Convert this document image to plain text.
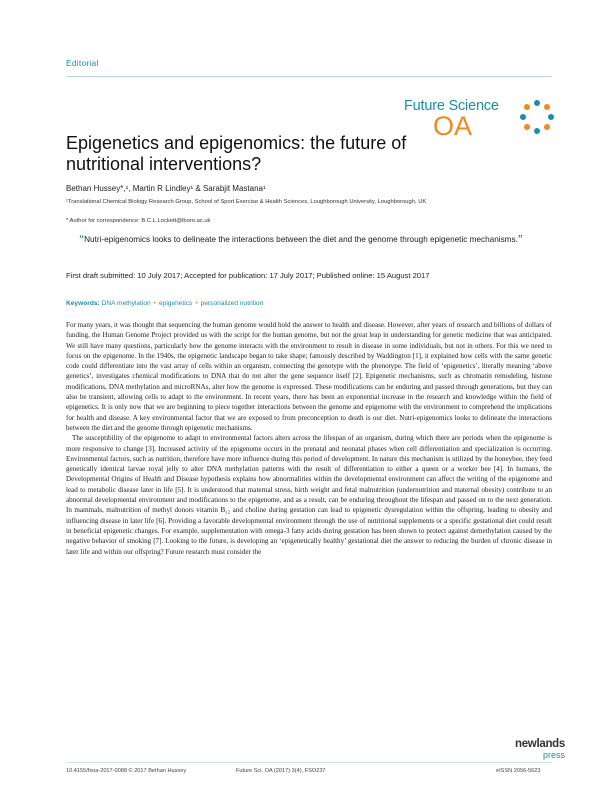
Editorial
Future Science
OA
Epigenetics and epigenomics: the future of nutritional interventions?
Bethan Hussey*,¹, Martin R Lindley¹ & Sarabjit Mastana¹
¹Translational Chemical Biology Research Group, School of Sport Exercise & Health Sciences, Loughborough University, Loughborough, UK
* Author for correspondence: B.C.L.Lockett@lboro.ac.uk
“Nutri-epigenomics looks to delineate the interactions between the diet and the genome through epigenetic mechanisms.”
First draft submitted: 10 July 2017; Accepted for publication: 17 July 2017; Published online: 15 August 2017
Keywords: DNA methylation • epigenetics • personalized nutrition

For many years, it was thought that sequencing the human genome would hold the answer to health and disease. However, after years of research and billions of dollars of funding, the Human Genome Project provided us with the script for the human genome, but not the great leap in understanding for genetic medicine that was anticipated. We still have many questions, particularly how the genome interacts with the environment to result in disease in some individuals, but not in others. For this we need to focus on the epigenome. In the 1940s, the epigenetic landscape began to take shape; famously described by Waddington [1], it explained how cells with the same genetic code could differentiate into the vast array of cells within an organism, connecting the genotype with the phenotype. The field of ‘epigenetics’, literally meaning ‘above genetics’, investigates chemical modifications to DNA that do not alter the gene sequence itself [2]. Epigenetic mechanisms, such as chromatin remodeling, histone modifications, DNA methylation and microRNAs, alter how the genome is expressed. These modifications can be enduring and passed through generations, but they can also be transient, allowing cells to adapt to the environment. In recent years, there has been an exponential increase in the research and knowledge within the field of epigenetics. It is only now that we are beginning to piece together interactions between the genome and epigenome with the environment to comprehend the implications for health and disease. A key environmental factor that we are exposed to from preconception to death is our diet. Nutri-epigenomics looks to delineate the interactions between the diet and the genome through epigenetic mechanisms.

The susceptibility of the epigenome to adapt to environmental factors alters across the lifespan of an organism, during which there are periods when the epigenome is more responsive to change [3]. Increased activity of the epigenome occurs in the prenatal and neonatal phases when cell differentiation and specialization is occurring. Environmental factors, such as nutrition, therefore have more influence during this period of development. In nature this mechanism is utilized by the honeybee, they feed genetically identical larvae royal jelly to alter DNA methylation patterns with the result of differentiation to either a queen or a worker bee [4]. In humans, the Developmental Origins of Health and Disease hypothesis explains how abnormalities within the developmental environment can affect the writing of the epigenome and lead to metabolic disease later in life [5]. It is understood that maternal stress, birth weight and fetal malnutrition (undernutrition and maternal obesity) contribute to an abnormal developmental environment and modifications to the epigenome, and as a result, can be enduring throughout the lifespan and passed on to the next generation. In mammals, malnutrition of methyl donors vitamin B₁₂ and choline during gestation can lead to epigenetic dysregulation within the offspring, leading to obesity and influencing disease in later life [6]. Providing a favorable developmental environment through the use of nutritional supplements or a specific gestational diet could result in beneficial epigenetic changes. For example, supplementation with omega-3 fatty acids during gestation has been shown to protect against demethylation caused by the negative behavior of smoking [7]. Looking to the future, is developing an ‘epigenetically healthy’ gestational diet the answer to reducing the burden of chronic disease in later life and within our offspring? Future research must consider the

newlands
press
10.4155/fsoa-2017-0088 © 2017 Bethan Hussey	Future Sci. OA (2017) 3(4), FSO237	eISSN 2056-5623
